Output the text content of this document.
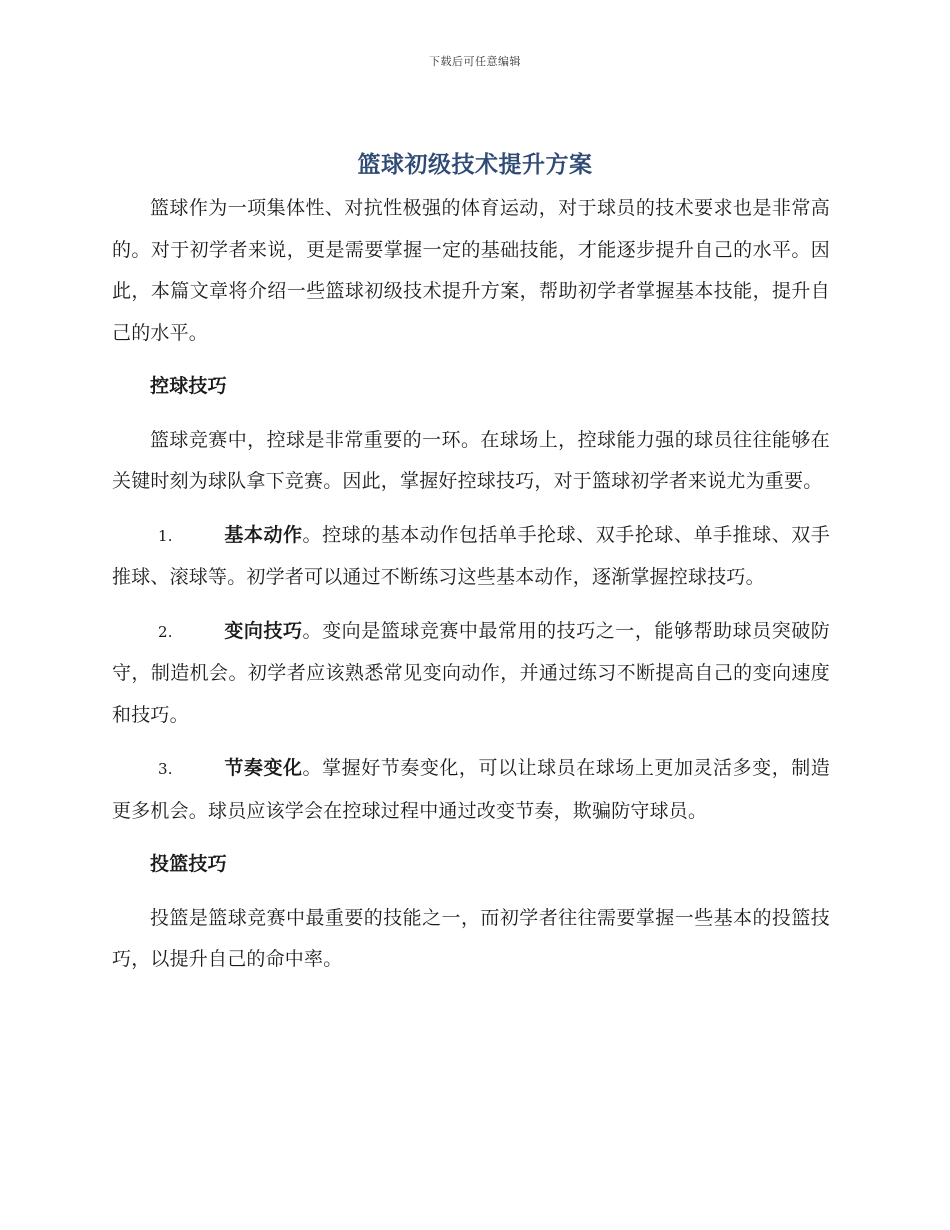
下载后可任意编辑
篮球初级技术提升方案

篮球作为一项集体性、对抗性极强的体育运动，对于球员的技术要求也是非常高的。对于初学者来说，更是需要掌握一定的基础技能，才能逐步提升自己的水平。因此，本篇文章将介绍一些篮球初级技术提升方案，帮助初学者掌握基本技能，提升自己的水平。

控球技巧

篮球竞赛中，控球是非常重要的一环。在球场上，控球能力强的球员往往能够在关键时刻为球队拿下竞赛。因此，掌握好控球技巧，对于篮球初学者来说尤为重要。

1.	基本动作。控球的基本动作包括单手抡球、双手抡球、单手推球、双手推球、滚球等。初学者可以通过不断练习这些基本动作，逐渐掌握控球技巧。

2.	变向技巧。变向是篮球竞赛中最常用的技巧之一，能够帮助球员突破防守，制造机会。初学者应该熟悉常见变向动作，并通过练习不断提高自己的变向速度和技巧。

3.	节奏变化。掌握好节奏变化，可以让球员在球场上更加灵活多变，制造更多机会。球员应该学会在控球过程中通过改变节奏，欺骗防守球员。

投篮技巧

投篮是篮球竞赛中最重要的技能之一，而初学者往往需要掌握一些基本的投篮技巧，以提升自己的命中率。
